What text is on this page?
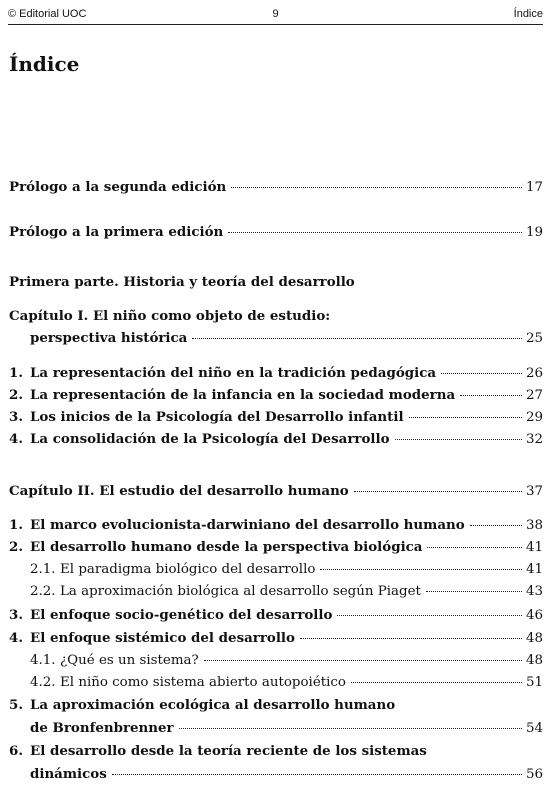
© Editorial UOC	9	Índice
Índice
Prólogo a la segunda edición	17
Prólogo a la primera edición	19
Primera parte. Historia y teoría del desarrollo
Capítulo I. El niño como objeto de estudio:
perspectiva histórica	25
1. La representación del niño en la tradición pedagógica	26
2. La representación de la infancia en la sociedad moderna	27
3. Los inicios de la Psicología del Desarrollo infantil	29
4. La consolidación de la Psicología del Desarrollo	32
Capítulo II. El estudio del desarrollo humano	37
1. El marco evolucionista-darwiniano del desarrollo humano	38
2. El desarrollo humano desde la perspectiva biológica	41
2.1. El paradigma biológico del desarrollo	41
2.2. La aproximación biológica al desarrollo según Piaget	43
3. El enfoque socio-genético del desarrollo	46
4. El enfoque sistémico del desarrollo	48
4.1. ¿Qué es un sistema?	48
4.2. El niño como sistema abierto autopoiético	51
5. La aproximación ecológica al desarrollo humano
de Bronfenbrenner	54
6. El desarrollo desde la teoría reciente de los sistemas
dinámicos	56
